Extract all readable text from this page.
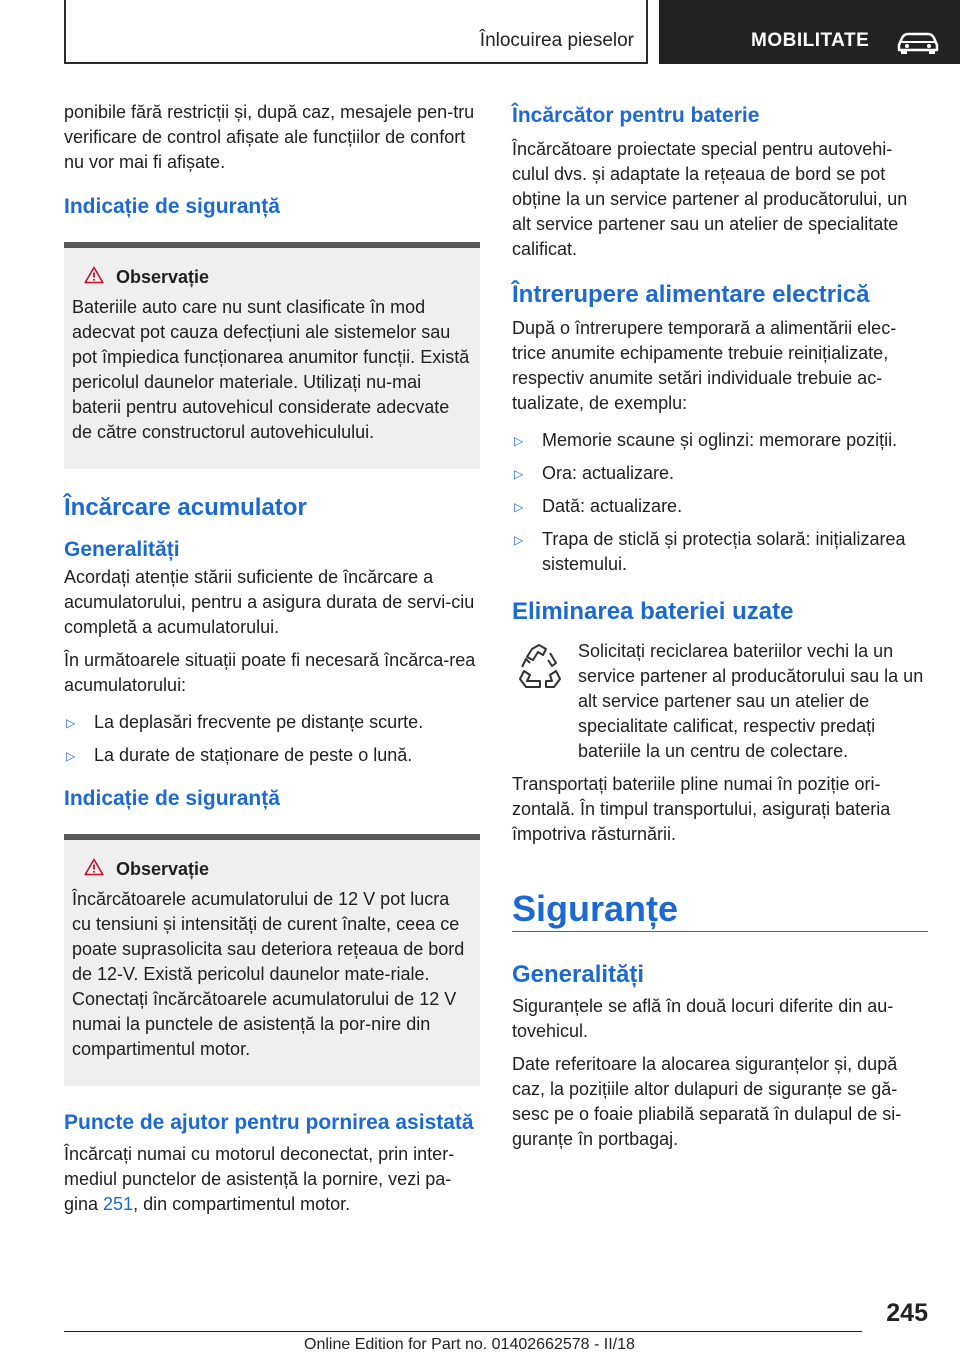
Înlocuirea pieselor	MOBILITATE

ponibile fără restricții și, după caz, mesajele pen-tru verificare de control afișate ale funcțiilor de confort nu vor mai fi afișate.

Indicație de siguranță
Observație

Bateriile auto care nu sunt clasificate în mod adecvat pot cauza defecțiuni ale sistemelor sau pot împiedica funcționarea anumitor funcții. Există pericolul daunelor materiale. Utilizați nu-mai baterii pentru autovehicul considerate adecvate de către constructorul autovehiculului.

Încărcare acumulator
Generalități

Acordați atenție stării suficiente de încărcare a acumulatorului, pentru a asigura durata de servi-ciu completă a acumulatorului.

În următoarele situații poate fi necesară încărca-rea acumulatorului:

▷ La deplasări frecvente pe distanțe scurte.
▷ La durate de staționare de peste o lună.
Indicație de siguranță
Observație

Încărcătoarele acumulatorului de 12 V pot lucra cu tensiuni și intensități de curent înalte, ceea ce poate suprasolicita sau deteriora rețeaua de bord de 12-V. Există pericolul daunelor mate-riale. Conectați încărcătoarele acumulatorului de 12 V numai la punctele de asistență la por-nire din compartimentul motor.

Puncte de ajutor pentru pornirea asistată

Încărcați numai cu motorul deconectat, prin inter-mediul punctelor de asistență la pornire, vezi pa-gina 251, din compartimentul motor.

Încărcător pentru baterie

Încărcătoare proiectate special pentru autovehi-culul dvs. și adaptate la rețeaua de bord se pot obține la un service partener al producătorului, un alt service partener sau un atelier de specialitate calificat.

Întrerupere alimentare electrică

După o întrerupere temporară a alimentării elec-trice anumite echipamente trebuie reinițializate, respectiv anumite setări individuale trebuie ac-tualizate, de exemplu:

▷ Memorie scaune și oglinzi: memorare poziții.
▷ Ora: actualizare.
▷ Dată: actualizare.
▷ Trapa de sticlă și protecția solară: inițializarea sistemului.
Eliminarea bateriei uzate

Solicitați reciclarea bateriilor vechi la un service partener al producătorului sau la un alt service partener sau un atelier de specialitate calificat, respectiv predați bateriile la un centru de colectare.

Transportați bateriile pline numai în poziție ori-zontală. În timpul transportului, asigurați bateria împotriva răsturnării.

Siguranțe
Generalități

Siguranțele se află în două locuri diferite din au-tovehicul.

Date referitoare la alocarea siguranțelor și, după caz, la pozițiile altor dulapuri de siguranțe se gă-sesc pe o foaie pliabilă separată în dulapul de si-guranțe în portbagaj.

245
Online Edition for Part no. 01402662578 - II/18
